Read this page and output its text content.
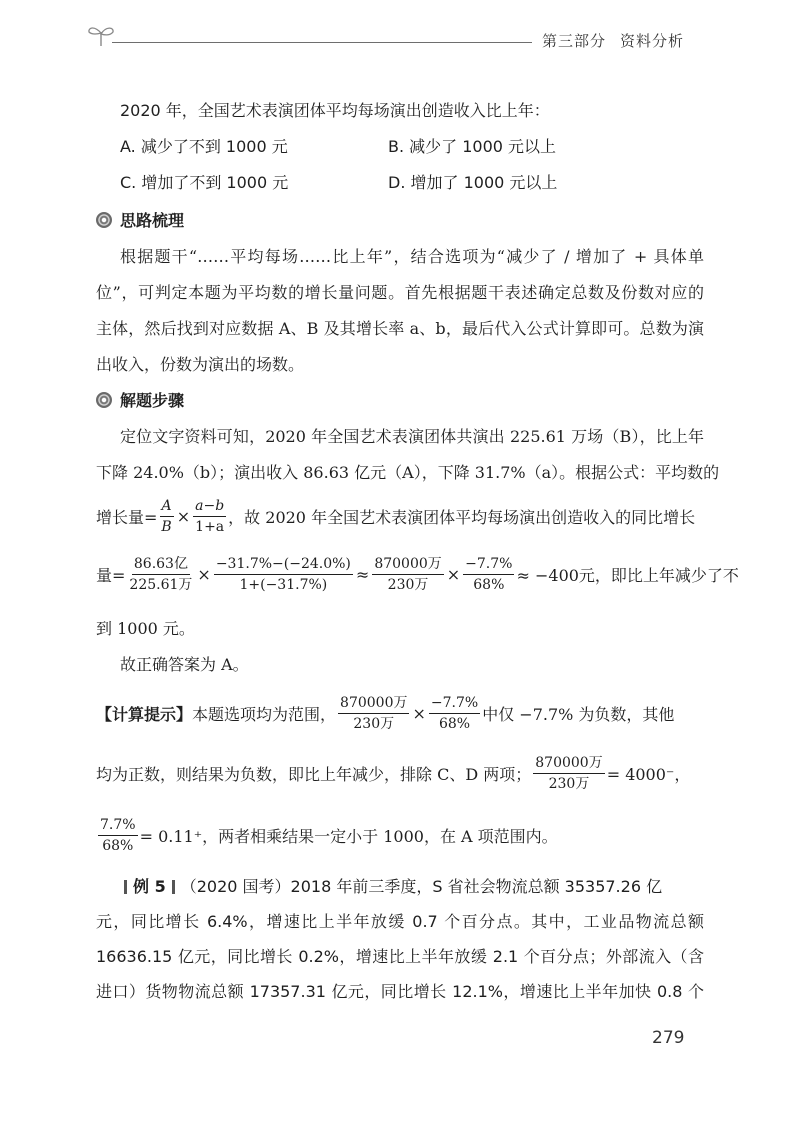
第三部分 资料分析
2020 年，全国艺术表演团体平均每场演出创造收入比上年：
A. 减少了不到 1000 元	B. 减少了 1000 元以上
C. 增加了不到 1000 元	D. 增加了 1000 元以上
思路梳理
根据题干“……平均每场……比上年”，结合选项为“减少了 / 增加了 + 具体单
位”，可判定本题为平均数的增长量问题。首先根据题干表述确定总数及份数对应的
主体，然后找到对应数据 A、B 及其增长率 a、b，最后代入公式计算即可。总数为演
出收入，份数为演出的场数。
解题步骤
定位文字资料可知，2020 年全国艺术表演团体共演出 225.61 万场（B），比上年
下降 24.0%（b）；演出收入 86.63 亿元（A），下降 31.7%（a）。根据公式：平均数的
增长量= $\frac{A}{B} \times \frac{a-b}{1+a}$ ，故 2020 年全国艺术表演团体平均每场演出创造收入的同比增长
量= $\frac{\text{86.63亿}}{\text{225.61万}} \times \frac{-31.7\%-(-24.0\%)}{1+(-31.7\%)} \approx \frac{\text{870000万}}{\text{230万}} \times \frac{-7.7\%}{68\%} \approx -400$元，即比上年减少了不
到 1000 元。
故正确答案为 A。
【计算提示】 本题选项均为范围， $\frac{\text{870000万}}{\text{230万}} \times \frac{-7.7\%}{68\%}$ 中仅 −7.7% 为负数，其他
均为正数，则结果为负数，即比上年减少，排除 C、D 两项； $\frac{\text{870000万}}{\text{230万}} = 4000^-$，
$\frac{7.7\%}{68\%} = 0.11^+$，两者相乘结果一定小于 1000，在 A 项范围内。
例 5 （2020 国考）2018 年前三季度，S 省社会物流总额 35357.26 亿
元，同比增长 6.4%，增速比上半年放缓 0.7 个百分点。其中，工业品物流总额
16636.15 亿元，同比增长 0.2%，增速比上半年放缓 2.1 个百分点；外部流入（含
进口）货物物流总额 17357.31 亿元，同比增长 12.1%，增速比上半年加快 0.8 个
279
